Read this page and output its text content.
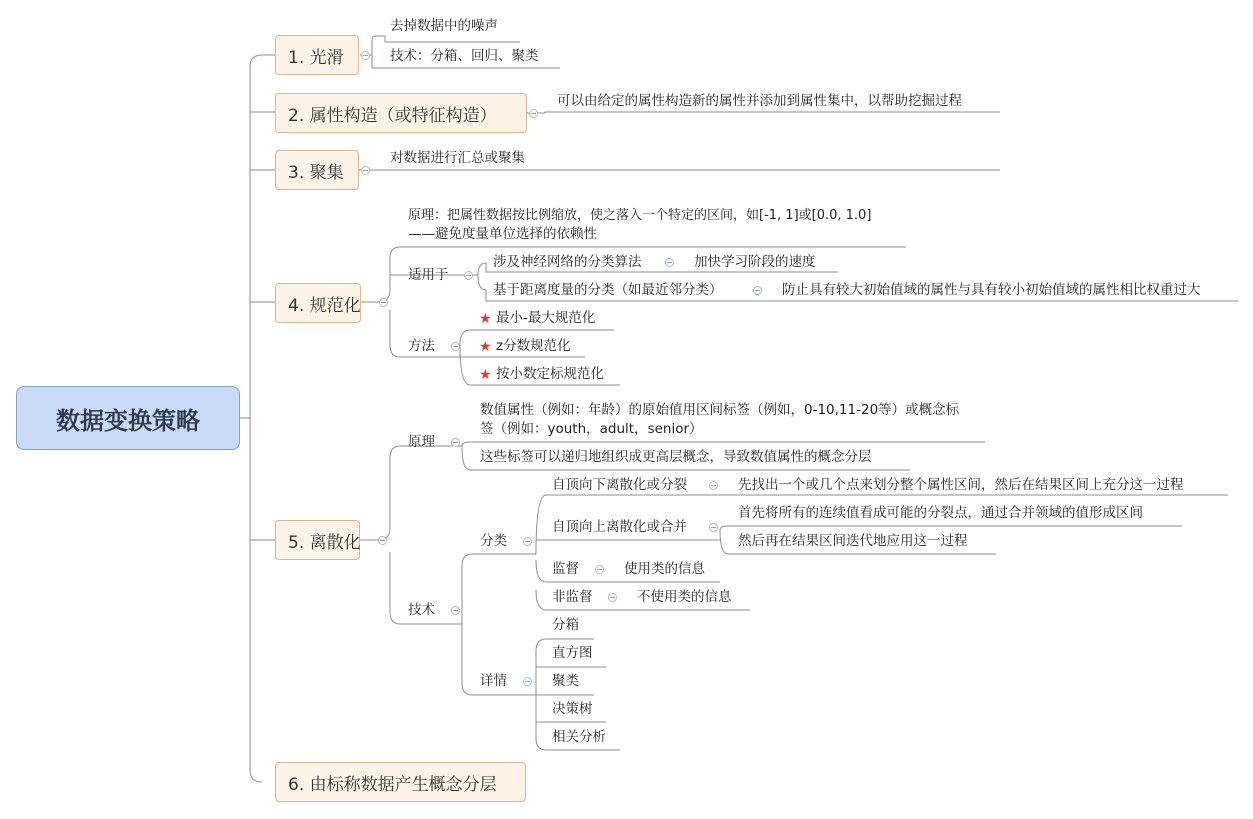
数据变换策略
1. 光滑
去掉数据中的噪声
技术：分箱、回归、聚类
2. 属性构造（或特征构造）
可以由给定的属性构造新的属性并添加到属性集中，以帮助挖掘过程
3. 聚集
对数据进行汇总或聚集
4. 规范化
原理：把属性数据按比例缩放，使之落入一个特定的区间，如[-1, 1]或[0.0, 1.0]
——避免度量单位选择的依赖性
适用于
涉及神经网络的分类算法	加快学习阶段的速度
基于距离度量的分类（如最近邻分类）	防止具有较大初始值域的属性与具有较小初始值域的属性相比权重过大
方法
★ 最小-最大规范化
★ z分数规范化
★ 按小数定标规范化
5. 离散化
原理
数值属性（例如：年龄）的原始值用区间标签（例如，0-10,11-20等）或概念标
签（例如：youth，adult，senior）
这些标签可以递归地组织成更高层概念，导致数值属性的概念分层
技术
分类
自顶向下离散化或分裂	先找出一个或几个点来划分整个属性区间，然后在结果区间上充分这一过程
自顶向上离散化或合并
首先将所有的连续值看成可能的分裂点，通过合并领域的值形成区间
然后再在结果区间迭代地应用这一过程
监督	使用类的信息
非监督	不使用类的信息
详情
分箱
直方图
聚类
决策树
相关分析
6. 由标称数据产生概念分层
